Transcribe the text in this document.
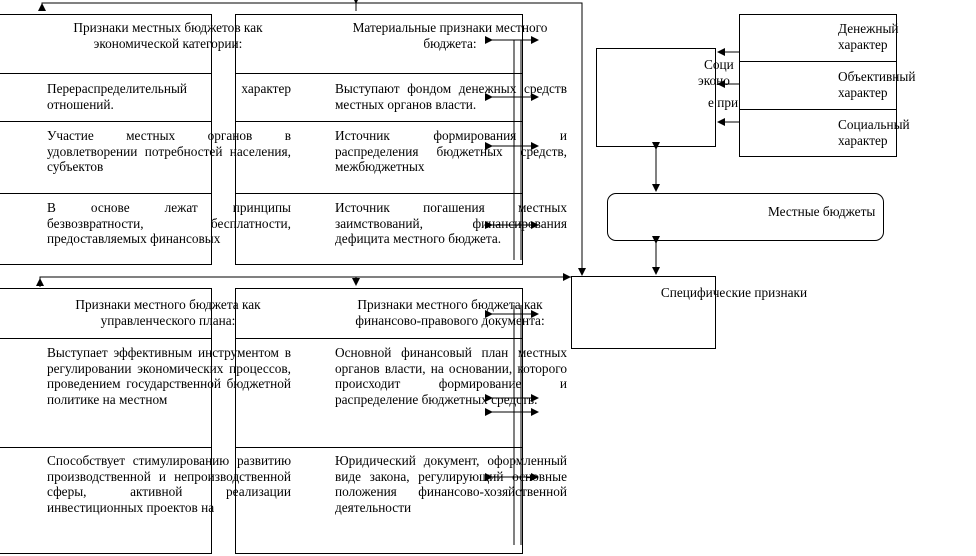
Признаки местных бюджетов как экономической категории:
Перераспределительный характер отношений.
Участие местных органов в удовлетворении потребностей населения, субъектов
В основе лежат принципы безвозвратности, бесплатности, предоставляемых финансовых
Материальные признаки местного бюджета:
Выступают фондом денежных средств местных органов власти.
Источник формирования и распределения бюджетных средств, межбюджетных
Источник погашения местных заимствований, финансирования дефицита местного бюджета.
Признаки местного бюджета как управленческого плана:
Выступает эффективным инструментом в регулировании экономических процессов, проведением государственной бюджетной политике на местном
Способствует стимулированию развитию производственной и непроизводственной сферы, активной реализации инвестиционных проектов на
Признаки местного бюджета как финансово-правового документа:
Основной финансовый план местных органов власти, на основании, которого происходит формирование и распределение бюджетных средств.
Юридический документ, оформленный виде закона, регулирующий основные положения финансово-хозяйственной деятельности
Соци
эконо
е при
Денежный характер
Объективный характер
Социальный характер
Местные бюджеты
Специфические признаки
